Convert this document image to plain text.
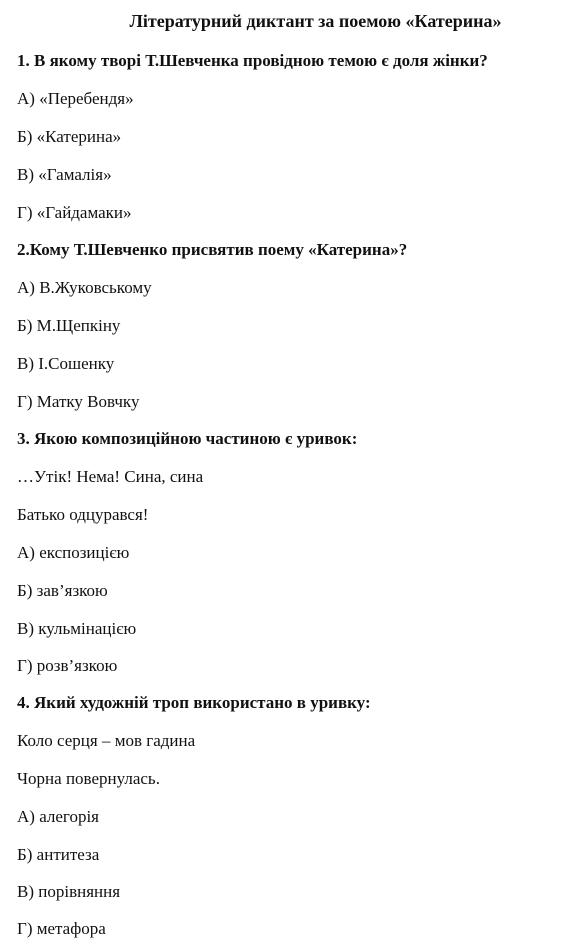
Літературний диктант за поемою «Катерина»
1. В якому творі Т.Шевченка провідною темою є доля жінки?
А) «Перебендя»
Б) «Катерина»
В) «Гамалія»
Г) «Гайдамаки»
2.Кому Т.Шевченко присвятив поему «Катерина»?
А) В.Жуковському
Б) М.Щепкіну
В) І.Сошенку
Г) Матку Вовчку
3. Якою композиційною частиною є уривок:
…Утік! Нема! Сина, сина
Батько одцурався!
А) експозицією
Б) зав’язкою
В) кульмінацією
Г) розв’язкою
4. Який художній троп використано в уривку:
Коло серця – мов гадина
Чорна повернулась.
А) алегорія
Б) антитеза
В) порівняння
Г) метафора
